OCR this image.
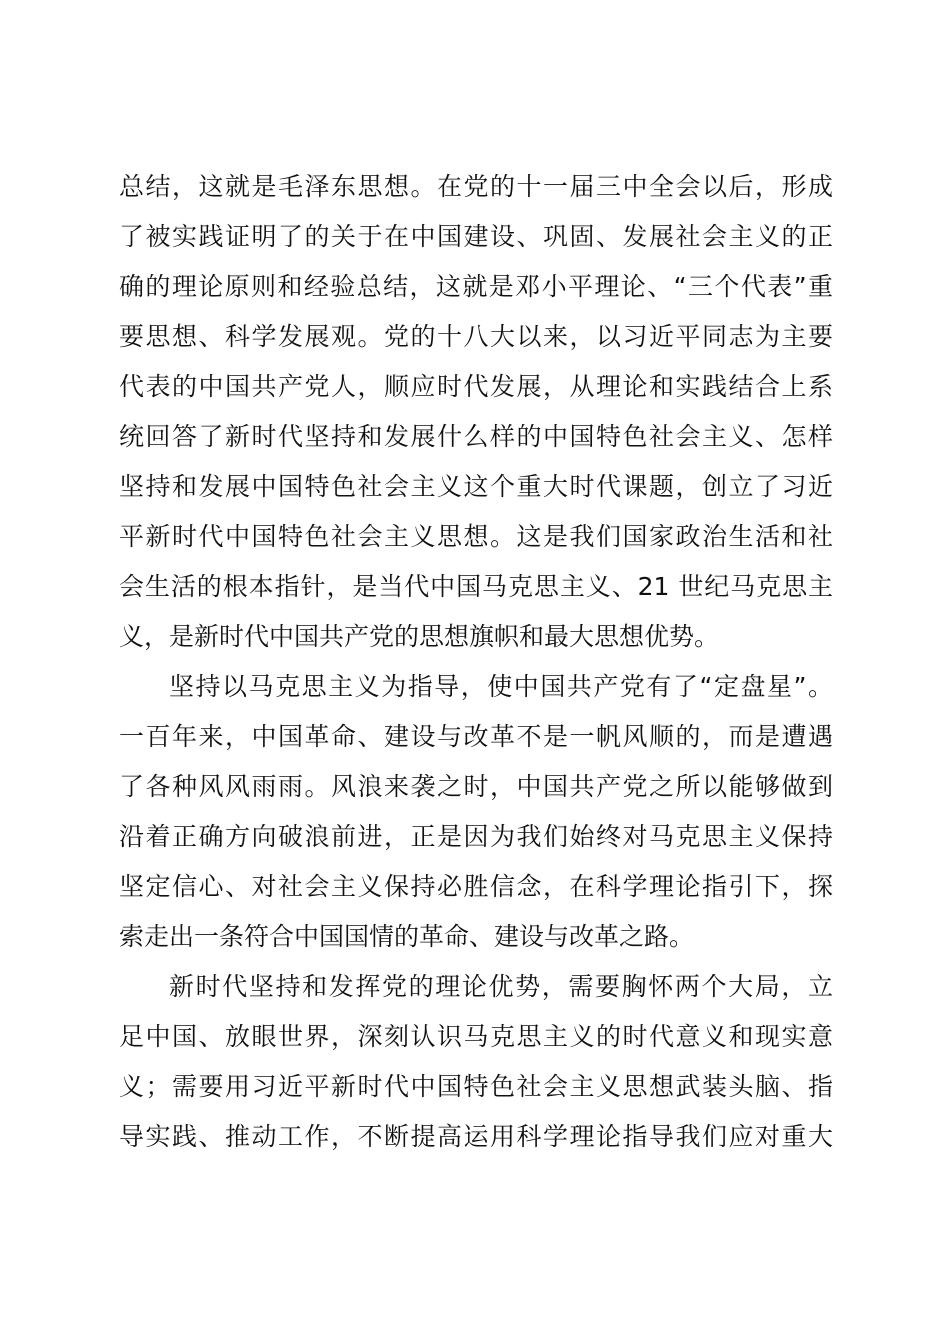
总结，这就是毛泽东思想。在党的十一届三中全会以后，形成
了被实践证明了的关于在中国建设、巩固、发展社会主义的正
确的理论原则和经验总结，这就是邓小平理论、“三个代表”重
要思想、科学发展观。党的十八大以来，以习近平同志为主要
代表的中国共产党人，顺应时代发展，从理论和实践结合上系
统回答了新时代坚持和发展什么样的中国特色社会主义、怎样
坚持和发展中国特色社会主义这个重大时代课题，创立了习近
平新时代中国特色社会主义思想。这是我们国家政治生活和社
会生活的根本指针，是当代中国马克思主义、21 世纪马克思主
义，是新时代中国共产党的思想旗帜和最大思想优势。
坚持以马克思主义为指导，使中国共产党有了“定盘星”。
一百年来，中国革命、建设与改革不是一帆风顺的，而是遭遇
了各种风风雨雨。风浪来袭之时，中国共产党之所以能够做到
沿着正确方向破浪前进，正是因为我们始终对马克思主义保持
坚定信心、对社会主义保持必胜信念，在科学理论指引下，探
索走出一条符合中国国情的革命、建设与改革之路。
新时代坚持和发挥党的理论优势，需要胸怀两个大局，立
足中国、放眼世界，深刻认识马克思主义的时代意义和现实意
义；需要用习近平新时代中国特色社会主义思想武装头脑、指
导实践、推动工作，不断提高运用科学理论指导我们应对重大
